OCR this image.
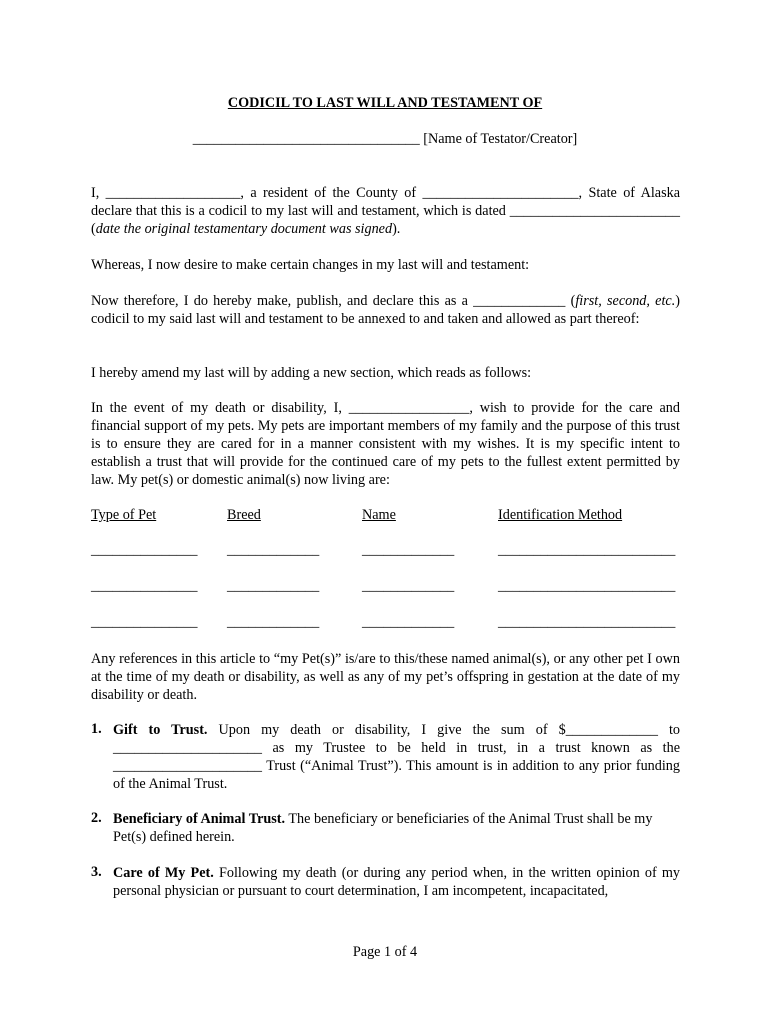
CODICIL TO LAST WILL AND TESTAMENT OF
________________________________ [Name of Testator/Creator]
I, ___________________, a resident of the County of ______________________, State of Alaska declare that this is a codicil to my last will and testament, which is dated ________________________ (date the original testamentary document was signed).
Whereas, I now desire to make certain changes in my last will and testament:
Now therefore, I do hereby make, publish, and declare this as a _____________ (first, second, etc.) codicil to my said last will and testament to be annexed to and taken and allowed as part thereof:
I hereby amend my last will by adding a new section, which reads as follows:
In the event of my death or disability, I, _________________, wish to provide for the care and financial support of my pets. My pets are important members of my family and the purpose of this trust is to ensure they are cared for in a manner consistent with my wishes. It is my specific intent to establish a trust that will provide for the continued care of my pets to the fullest extent permitted by law. My pet(s) or domestic animal(s) now living are:
Type of Pet	Breed	Name	Identification Method
_______________ _____________	_____________	_________________________
_______________ _____________	_____________	_________________________
_______________ _____________	_____________	_________________________
Any references in this article to “my Pet(s)” is/are to this/these named animal(s), or any other pet I own at the time of my death or disability, as well as any of my pet’s offspring in gestation at the date of my disability or death.
1. Gift to Trust. Upon my death or disability, I give the sum of $_____________ to _____________________ as my Trustee to be held in trust, in a trust known as the _____________________ Trust (“Animal Trust”). This amount is in addition to any prior funding of the Animal Trust.
2. Beneficiary of Animal Trust. The beneficiary or beneficiaries of the Animal Trust shall be my Pet(s) defined herein.
3. Care of My Pet. Following my death (or during any period when, in the written opinion of my personal physician or pursuant to court determination, I am incompetent, incapacitated,
Page 1 of 4
